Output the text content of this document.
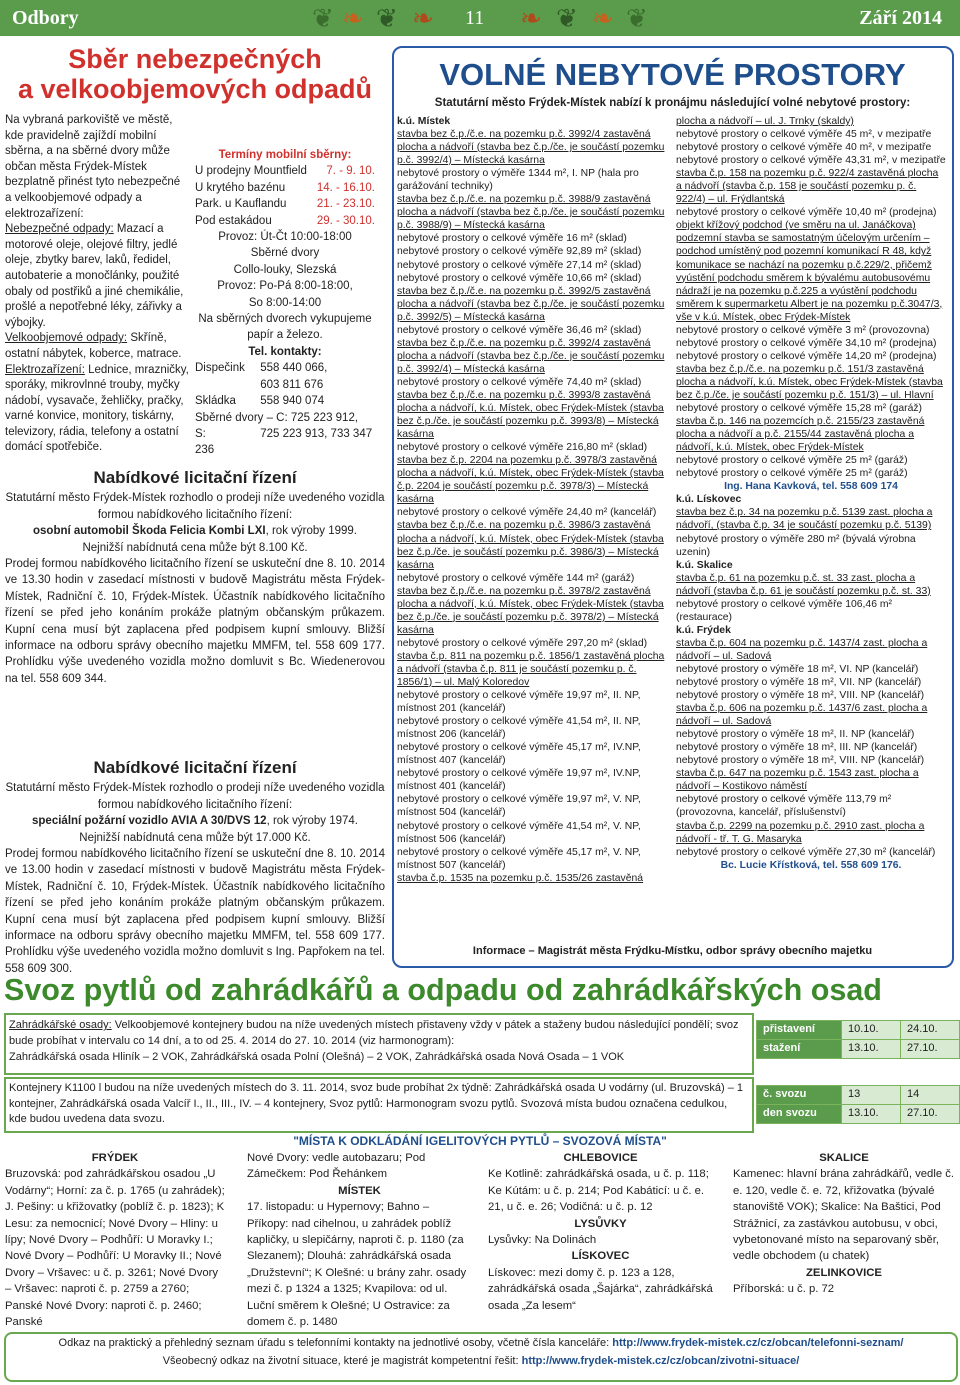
Odbory	❦ ❧ ❦ ❧ 11 ❧ ❦ ❧ ❦	Září 2014
Sběr nebezpečných
a velkoobjemových odpadů

Na vybraná parkoviště ve městě, kde pravidelně zajíždí mobilní sběrna, a na sběrné dvory může občan města Frýdek-Místek bezplatně přinést tyto nebezpečné a velkoobjemové odpady a elektrozařízení:

Nebezpečné odpady: Mazací a motorové oleje, olejové filtry, jedlé oleje, zbytky barev, laků, ředidel, autobaterie a monočlánky, použité obaly od postřiků a jiné chemikálie, prošlé a nepotřebné léky, zářivky a výbojky.

Velkoobjemové odpady: Skříně, ostatní nábytek, koberce, matrace.

Elektrozařízení: Lednice, mrazničky, sporáky, mikrovlnné trouby, myčky nádobí, vysavače, žehličky, pračky, varné konvice, monitory, tiskárny, televizory, rádia, telefony a ostatní domácí spotřebiče.

Termíny mobilní sběrny:
U prodejny Mountfield	7. - 9. 10.
U krytého bazénu	14. - 16.10.
Park. u Kauflandu	21. - 23.10.
Pod estakádou	29. - 30.10.
Provoz: Út-Čt 10:00-18:00
Sběrné dvory
Collo-louky, Slezská
Provoz: Po-Pá 8:00-18:00,
So 8:00-14:00
Na sběrných dvorech vykupujeme papír a železo.
Tel. kontakty:
Dispečink 558 440 066,
603 811 676
Skládka 558 940 074
Sběrné dvory – C: 725 223 912,
S:	725 223 913, 733 347 236
Nabídkové licitační řízení
Statutární město Frýdek-Místek rozhodlo o prodeji níže uvedeného vozidla formou nabídkového licitačního řízení:
osobní automobil Škoda Felicia Kombi LXI, rok výroby 1999.
Nejnižší nabídnutá cena může být 8.100 Kč.
Prodej formou nabídkového licitačního řízení se uskuteční dne 8. 10. 2014 ve 13.30 hodin v zasedací místnosti v budově Magistrátu města Frýdek-Místek, Radniční č. 10, Frýdek-Místek. Účastník nabídkového licitačního řízení se před jeho konáním prokáže platným občanským průkazem. Kupní cena musí být zaplacena před podpisem kupní smlouvy. Bližší informace na odboru správy obecního majetku MMFM, tel. 558 609 177. Prohlídku výše uvedeného vozidla možno domluvit s Bc. Wiedenerovou na tel. 558 609 344.
Nabídkové licitační řízení
Statutární město Frýdek-Místek rozhodlo o prodeji níže uvedeného vozidla formou nabídkového licitačního řízení:
speciální požární vozidlo AVIA A 30/DVS 12, rok výroby 1974.
Nejnižší nabídnutá cena může být 17.000 Kč.
Prodej formou nabídkového licitačního řízení se uskuteční dne 8. 10. 2014 ve 13.00 hodin v zasedací místnosti v budově Magistrátu města Frýdek-Místek, Radniční č. 10, Frýdek-Místek. Účastník nabídkového licitačního řízení se před jeho konáním prokáže platným občanským průkazem. Kupní cena musí být zaplacena před podpisem kupní smlouvy. Bližší informace na odboru správy obecního majetku MMFM, tel. 558 609 177. Prohlídku výše uvedeného vozidla možno domluvit s Ing. Papřokem na tel. 558 609 300.
VOLNÉ NEBYTOVÉ PROSTORY
Statutární město Frýdek-Místek nabízí k pronájmu následující volné nebytové prostory:
k.ú. Místek
stavba bez č.p./č.e. na pozemku p.č. 3992/4 zastavěná plocha a nádvoří (stavba bez č.p./če. je součástí pozemku p.č. 3992/4) – Místecká kasárna
nebytové prostory o výměře 1344 m², I. NP (hala pro garážování techniky)
stavba bez č.p./č.e. na pozemku p.č. 3988/9 zastavěná plocha a nádvoří (stavba bez č.p./če. je součástí pozemku p.č. 3988/9) – Místecká kasárna
nebytové prostory o celkové výměře 16 m² (sklad)
nebytové prostory o celkové výměře 92,89 m² (sklad)
nebytové prostory o celkové výměře 27,14 m² (sklad)
nebytové prostory o celkové výměře 10,66 m² (sklad)
stavba bez č.p./č.e. na pozemku p.č. 3992/5 zastavěná plocha a nádvoří (stavba bez č.p./če. je součástí pozemku p.č. 3992/5) – Místecká kasárna
nebytové prostory o celkové výměře 36,46 m² (sklad)
stavba bez č.p./č.e. na pozemku p.č. 3992/4 zastavěná plocha a nádvoří (stavba bez č.p./če. je součástí pozemku p.č. 3992/4) – Místecká kasárna
nebytové prostory o celkové výměře 74,40 m² (sklad)
stavba bez č.p./č.e. na pozemku p.č. 3993/8 zastavěná plocha a nádvoří, k.ú. Místek, obec Frýdek-Místek (stavba bez č.p./če. je součástí pozemku p.č. 3993/8) – Místecká kasárna
nebytové prostory o celkové výměře 216,80 m² (sklad)
stavba bez č.p. 2204 na pozemku p.č. 3978/3 zastavěná plocha a nádvoří, k.ú. Místek, obec Frýdek-Místek (stavba č.p. 2204 je součástí pozemku p.č. 3978/3) – Místecká kasárna
nebytové prostory o celkové výměře 24,40 m² (kancelář)
stavba bez č.p./č.e. na pozemku p.č. 3986/3 zastavěná plocha a nádvoří, k.ú. Místek, obec Frýdek-Místek (stavba bez č.p./če. je součástí pozemku p.č. 3986/3) – Místecká kasárna
nebytové prostory o celkové výměře 144 m² (garáž)
stavba bez č.p./č.e. na pozemku p.č. 3978/2 zastavěná plocha a nádvoří, k.ú. Místek, obec Frýdek-Místek (stavba bez č.p./če. je součástí pozemku p.č. 3978/2) – Místecká kasárna
nebytové prostory o celkové výměře 297,20 m² (sklad)
stavba č.p. 811 na pozemku p.č. 1856/1 zastavěná plocha a nádvoří (stavba č.p. 811 je součástí pozemku p. č. 1856/1) – ul. Malý Koloredov
nebytové prostory o celkové výměře 19,97 m², II. NP, místnost 201 (kancelář)
nebytové prostory o celkové výměře 41,54 m², II. NP, místnost 206 (kancelář)
nebytové prostory o celkové výměře 45,17 m², IV.NP, místnost 407 (kancelář)
nebytové prostory o celkové výměře 19,97 m², IV.NP, místnost 401 (kancelář)
nebytové prostory o celkové výměře 19,97 m², V. NP, místnost 504 (kancelář)
nebytové prostory o celkové výměře 41,54 m², V. NP, místnost 506 (kancelář)
nebytové prostory o celkové výměře 45,17 m², V. NP, místnost 507 (kancelář)
stavba č.p. 1535 na pozemku p.č. 1535/26 zastavěná
plocha a nádvoří – ul. J. Trnky (skaldy)
nebytové prostory o celkové výměře 45 m², v mezipatře
nebytové prostory o celkové výměře 40 m², v mezipatře
nebytové prostory o celkové výměře 43,31 m², v mezipatře
stavba č.p. 158 na pozemku p.č. 922/4 zastavěná plocha a nádvoří (stavba č.p. 158 je součástí pozemku p. č. 922/4) – ul. Frýdlantská
nebytové prostory o celkové výměře 10,40 m² (prodejna)
objekt křížový podchod (ve směru na ul. Janáčkova) podzemní stavba se samostatným účelovým určením – podchod umístěný pod pozemní komunikací R 48, když komunikace se nachází na pozemku p.č.229/2, přičemž vyústění podchodu směrem k bývalému autobusovému nádraží je na pozemku p.č.225 a vyústění podchodu směrem k supermarketu Albert je na pozemku p.č.3047/3, vše v k.ú. Místek, obec Frýdek-Místek
nebytové prostory o celkové výměře 3 m² (provozovna)
nebytové prostory o celkové výměře 34,10 m² (prodejna)
nebytové prostory o celkové výměře 14,20 m² (prodejna)
stavba bez č.p./č.e. na pozemku p.č. 151/3 zastavěná plocha a nádvoří, k.ú. Místek, obec Frýdek-Místek (stavba bez č.p./če. je součástí pozemku p.č. 151/3) – ul. Hlavní
nebytové prostory o celkové výměře 15,28 m² (garáž)
stavba č.p. 146 na pozemcích p.č. 2155/23 zastavěná plocha a nádvoří a p.č. 2155/44 zastavěná plocha a nádvoří, k.ú. Místek, obec Frýdek-Místek
nebytové prostory o celkové výměře 25 m² (garáž)
nebytové prostory o celkové výměře 25 m² (garáž)
Ing. Hana Kavková, tel. 558 609 174
k.ú. Lískovec
stavba bez č.p. 34 na pozemku p.č. 5139 zast. plocha a nádvoří, (stavba č.p. 34 je součástí pozemku p.č. 5139)
nebytové prostory o výměře 280 m² (bývalá výrobna uzenin)
k.ú. Skalice
stavba č.p. 61 na pozemku p.č. st. 33 zast. plocha a nádvoří (stavba č.p. 61 je součástí pozemku p.č. st. 33)
nebytové prostory o celkové výměře 106,46 m² (restaurace)
k.ú. Frýdek
stavba č.p. 604 na pozemku p.č. 1437/4 zast. plocha a nádvoří – ul. Sadová
nebytové prostory o výměře 18 m², VI. NP (kancelář)
nebytové prostory o výměře 18 m², VII. NP (kancelář)
nebytové prostory o výměře 18 m², VIII. NP (kancelář)
stavba č.p. 606 na pozemku p.č. 1437/6 zast. plocha a nádvoří – ul. Sadová
nebytové prostory o výměře 18 m², II. NP (kancelář)
nebytové prostory o výměře 18 m², III. NP (kancelář)
nebytové prostory o výměře 18 m², VIII. NP (kancelář)
stavba č.p. 647 na pozemku p.č. 1543 zast. plocha a nádvoří – Kostikovo náměstí
nebytové prostory o celkové výměře 113,79 m² (provozovna, kancelář, příslušenství)
stavba č.p. 2299 na pozemku p.č. 2910 zast. plocha a nádvoří - tř. T. G. Masaryka
nebytové prostory o celkové výměře 27,30 m² (kancelář)
Bc. Lucie Křístková, tel. 558 609 176.
Informace – Magistrát města Frýdku-Místku, odbor správy obecního majetku
Svoz pytlů od zahrádkářů a odpadu od zahrádkářských osad
Zahrádkářské osady: Velkoobjemové kontejnery budou na níže uvedených místech přistaveny vždy v pátek a staženy budou následující pondělí; svoz bude probíhat v intervalu co 14 dní, a to od 25. 4. 2014 do 27. 10. 2014 (viz harmonogram):
Zahrádkářská osada Hliník – 2 VOK, Zahrádkářská osada Polní (Olešná) – 2 VOK, Zahrádkářská osada Nová Osada – 1 VOK
přistavení	10.10.	24.10.
stažení	13.10.	27.10.
Kontejnery K1100 l budou na níže uvedených místech do 3. 11. 2014, svoz bude probíhat 2x týdně: Zahrádkářská osada U vodárny (ul. Bruzovská) – 1 kontejner, Zahrádkářská osada Valcíř I., II., III., IV. – 4 kontejnery, Svoz pytlů: Harmonogram svozu pytlů. Svozová místa budou označena cedulkou, kde budou uvedena data svozu.
č. svozu	13	14
den svozu	13.10.	27.10.
"MÍSTA K ODKLÁDÁNÍ IGELITOVÝCH PYTLŮ – SVOZOVÁ MÍSTA"
FRÝDEK
Bruzovská: pod zahrádkářskou osadou „U Vodárny“; Horní: za č. p. 1765 (u zahrádek); J. Pešiny: u křižovatky (poblíž č. p. 1823); K Lesu: za nemocnicí; Nové Dvory – Hliny: u lípy; Nové Dvory – Podhůří: U Moravky I.; Nové Dvory – Podhůří: U Moravky II.; Nové Dvory – Vršavec: u č. p. 3261; Nové Dvory – Vršavec: naproti č. p. 2759 a 2760; Panské Nové Dvory: naproti č. p. 2460; Panské
Nové Dvory: vedle autobazaru; Pod Zámečkem: Pod Řehánkem
MÍSTEK
17. listopadu: u Hypernovy; Bahno – Příkopy: nad cihelnou, u zahrádek poblíž kapličky, u slepičárny, naproti č. p. 1180 (za Slezanem); Dlouhá: zahrádkářská osada „Družstevní“; K Olešné: u brány zahr. osady mezi č. p 1324 a 1325; Kvapilova: od ul. Luční směrem k Olešné; U Ostravice: za domem č. p. 1480
CHLEBOVICE
Ke Kotlině: zahrádkářská osada, u č. p. 118; Ke Kútám: u č. p. 214; Pod Kabáticí: u č. e. 21, u č. e. 26; Vodičná: u č. p. 12
LYSŮVKY
Lysůvky: Na Dolinách
LÍSKOVEC
Lískovec: mezi domy č. p. 123 a 128, zahrádkářská osada „Šajárka“, zahrádkářská osada „Za lesem“
SKALICE
Kamenec: hlavní brána zahrádkářů, vedle č. e. 120, vedle č. e. 72, křižovatka (bývalé stanoviště VOK); Skalice: Na Baštici, Pod Strážnicí, za zastávkou autobusu, v obci, vybetonované místo na separovaný sběr, vedle obchodem (u chatek)
ZELINKOVICE
Příborská: u č. p. 72
Odkaz na praktický a přehledný seznam úřadu s telefonními kontakty na jednotlivé osoby, včetně čísla kanceláře: http://www.frydek-mistek.cz/cz/obcan/telefonni-seznam/
Všeobecný odkaz na životní situace, které je magistrát kompetentní řešit: http://www.frydek-mistek.cz/cz/obcan/zivotni-situace/
